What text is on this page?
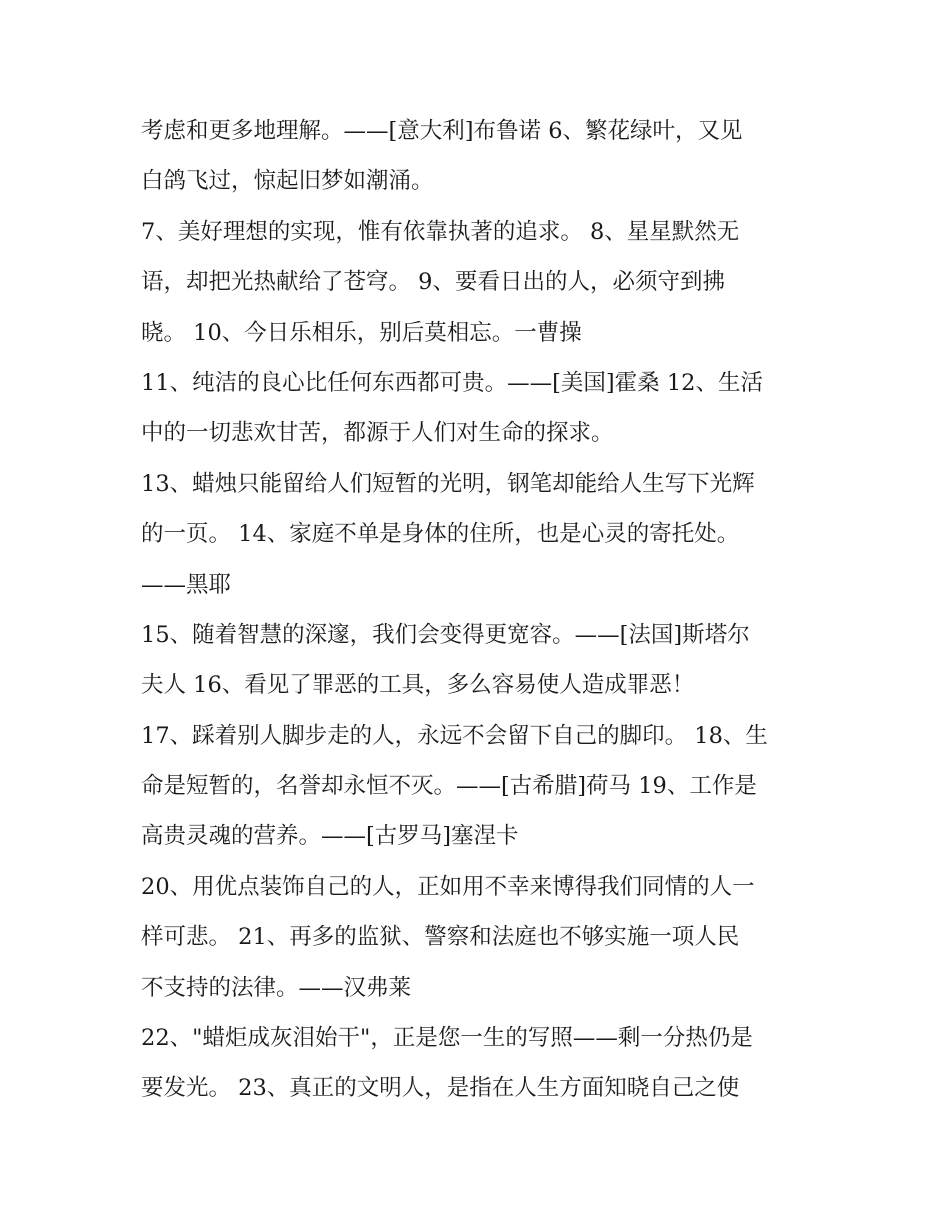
考虑和更多地理解。——[意大利]布鲁诺 6、繁花绿叶，又见
白鸽飞过，惊起旧梦如潮涌。
7、美好理想的实现，惟有依靠执著的追求。 8、星星默然无
语，却把光热献给了苍穹。 9、要看日出的人，必须守到拂
晓。 10、今日乐相乐，别后莫相忘。一曹操
11、纯洁的良心比任何东西都可贵。——[美国]霍桑 12、生活
中的一切悲欢甘苦，都源于人们对生命的探求。
13、蜡烛只能留给人们短暂的光明，钢笔却能给人生写下光辉
的一页。 14、家庭不单是身体的住所，也是心灵的寄托处。
——黑耶
15、随着智慧的深邃，我们会变得更宽容。——[法国]斯塔尔
夫人 16、看见了罪恶的工具，多么容易使人造成罪恶！
17、踩着别人脚步走的人，永远不会留下自己的脚印。 18、生
命是短暂的，名誉却永恒不灭。——[古希腊]荷马 19、工作是
高贵灵魂的营养。——[古罗马]塞涅卡
20、用优点装饰自己的人，正如用不幸来博得我们同情的人一
样可悲。 21、再多的监狱、警察和法庭也不够实施一项人民
不支持的法律。——汉弗莱
22、"蜡炬成灰泪始干"，正是您一生的写照——剩一分热仍是
要发光。 23、真正的文明人，是指在人生方面知晓自己之使
